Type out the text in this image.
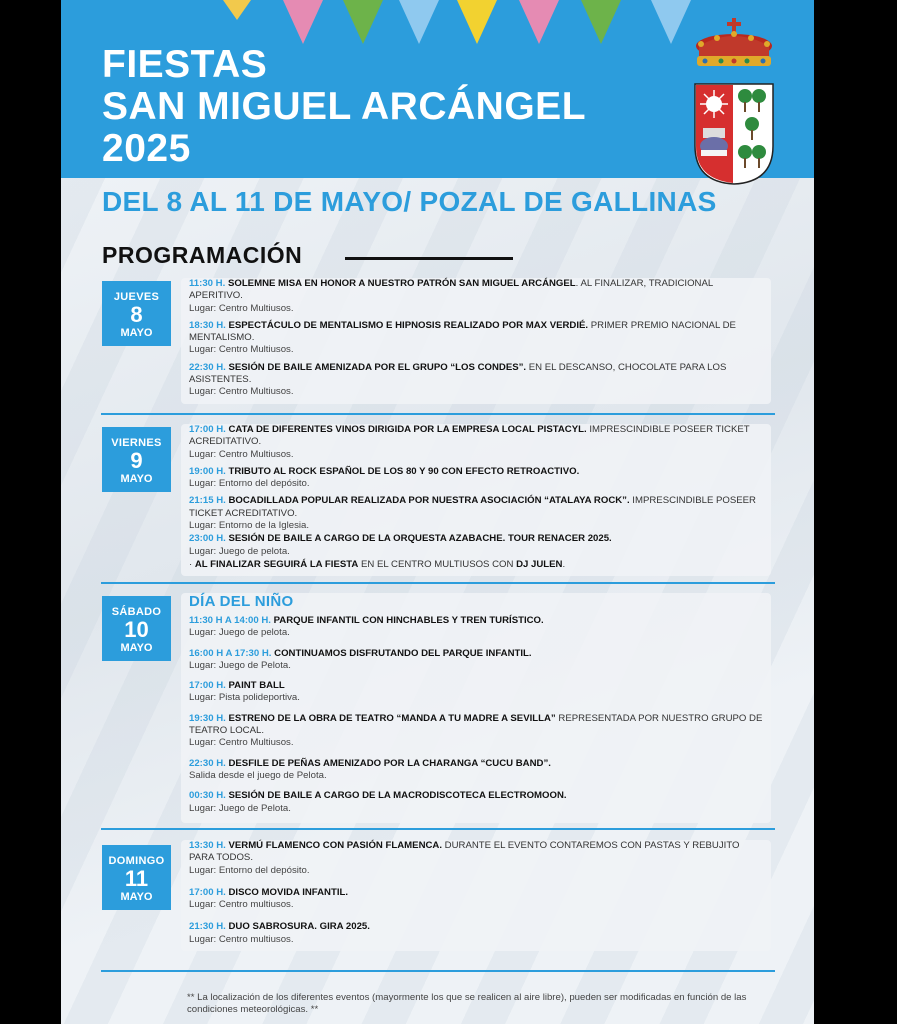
FIESTAS
SAN MIGUEL ARCÁNGEL
2025
DEL 8 AL 11 DE MAYO/ POZAL DE GALLINAS
PROGRAMACIÓN
JUEVES
8
MAYO
11:30 H. SOLEMNE MISA EN HONOR A NUESTRO PATRÓN SAN MIGUEL ARCÁNGEL. AL FINALIZAR, TRADICIONAL APERITIVO.
Lugar: Centro Multiusos.
18:30 H. ESPECTÁCULO DE MENTALISMO E HIPNOSIS REALIZADO POR MAX VERDIÉ. PRIMER PREMIO NACIONAL DE MENTALISMO.
Lugar: Centro Multiusos.
22:30 H. SESIÓN DE BAILE AMENIZADA POR EL GRUPO “LOS CONDES”. EN EL DESCANSO, CHOCOLATE PARA LOS ASISTENTES.
Lugar: Centro Multiusos.
VIERNES
9
MAYO
17:00 H. CATA DE DIFERENTES VINOS DIRIGIDA POR LA EMPRESA LOCAL PISTACYL. IMPRESCINDIBLE POSEER TICKET ACREDITATIVO.
Lugar: Centro Multiusos.
19:00 H. TRIBUTO AL ROCK ESPAÑOL DE LOS 80 Y 90 CON EFECTO RETROACTIVO.
Lugar: Entorno del depósito.
21:15 H. BOCADILLADA POPULAR REALIZADA POR NUESTRA ASOCIACIÓN “ATALAYA ROCK”. IMPRESCINDIBLE POSEER TICKET ACREDITATIVO.
Lugar: Entorno de la Iglesia.
23:00 H. SESIÓN DE BAILE A CARGO DE LA ORQUESTA AZABACHE. TOUR RENACER 2025.
Lugar: Juego de pelota.
· AL FINALIZAR SEGUIRÁ LA FIESTA EN EL CENTRO MULTIUSOS CON DJ JULEN.
SÁBADO
10
MAYO
DÍA DEL NIÑO
11:30 H A 14:00 H. PARQUE INFANTIL CON HINCHABLES Y TREN TURÍSTICO.
Lugar: Juego de pelota.
16:00 H A 17:30 H. CONTINUAMOS DISFRUTANDO DEL PARQUE INFANTIL.
Lugar: Juego de Pelota.
17:00 H. PAINT BALL
Lugar: Pista polideportiva.
19:30 H. ESTRENO DE LA OBRA DE TEATRO “MANDA A TU MADRE A SEVILLA” REPRESENTADA POR NUESTRO GRUPO DE TEATRO LOCAL.
Lugar: Centro Multiusos.
22:30 H. DESFILE DE PEÑAS AMENIZADO POR LA CHARANGA “CUCU BAND”.
Salida desde el juego de Pelota.
00:30 H. SESIÓN DE BAILE A CARGO DE LA MACRODISCOTECA ELECTROMOON.
Lugar: Juego de Pelota.
DOMINGO
11
MAYO
13:30 H. VERMÚ FLAMENCO CON PASIÓN FLAMENCA. DURANTE EL EVENTO CONTAREMOS CON PASTAS Y REBUJITO PARA TODOS.
Lugar: Entorno del depósito.
17:00 H. DISCO MOVIDA INFANTIL.
Lugar: Centro multiusos.
21:30 H. DUO SABROSURA. GIRA 2025.
Lugar: Centro multiusos.
** La localización de los diferentes eventos (mayormente los que se realicen al aire libre), pueden ser modificadas en función de las condiciones meteorológicas. **
